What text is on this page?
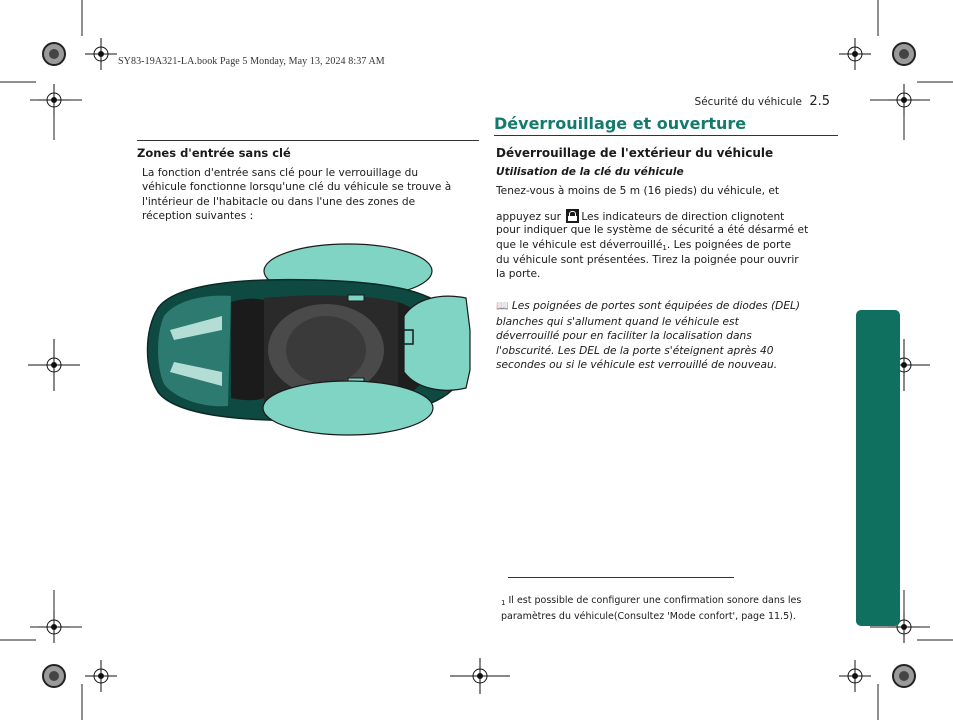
SY83-19A321-LA.book Page 5 Monday, May 13, 2024 8:37 AM
Sécurité du véhicule 2.5
Déverrouillage et ouverture
Zones d'entrée sans clé
La fonction d'entrée sans clé pour le verrouillage du
véhicule fonctionne lorsqu'une clé du véhicule se trouve à
l'intérieur de l'habitacle ou dans l'une des zones de
réception suivantes :
Déverrouillage de l'extérieur du véhicule
Utilisation de la clé du véhicule
Tenez-vous à moins de 5 m (16 pieds) du véhicule, et
appuyez sur Les indicateurs de direction clignotent
pour indiquer que le système de sécurité a été désarmé et
que le véhicule est déverrouillé$_1$. Les poignées de porte
du véhicule sont présentées. Tirez la poignée pour ouvrir
la porte.
📖 Les poignées de portes sont équipées de diodes (DEL)
blanches qui s'allument quand le véhicule est
déverrouillé pour en faciliter la localisation dans
l'obscurité. Les DEL de la porte s'éteignent après 40
secondes ou si le véhicule est verrouillé de nouveau.
$_1$ Il est possible de configurer une confirmation sonore dans les
paramètres du véhicule(Consultez 'Mode confort', page 11.5).
